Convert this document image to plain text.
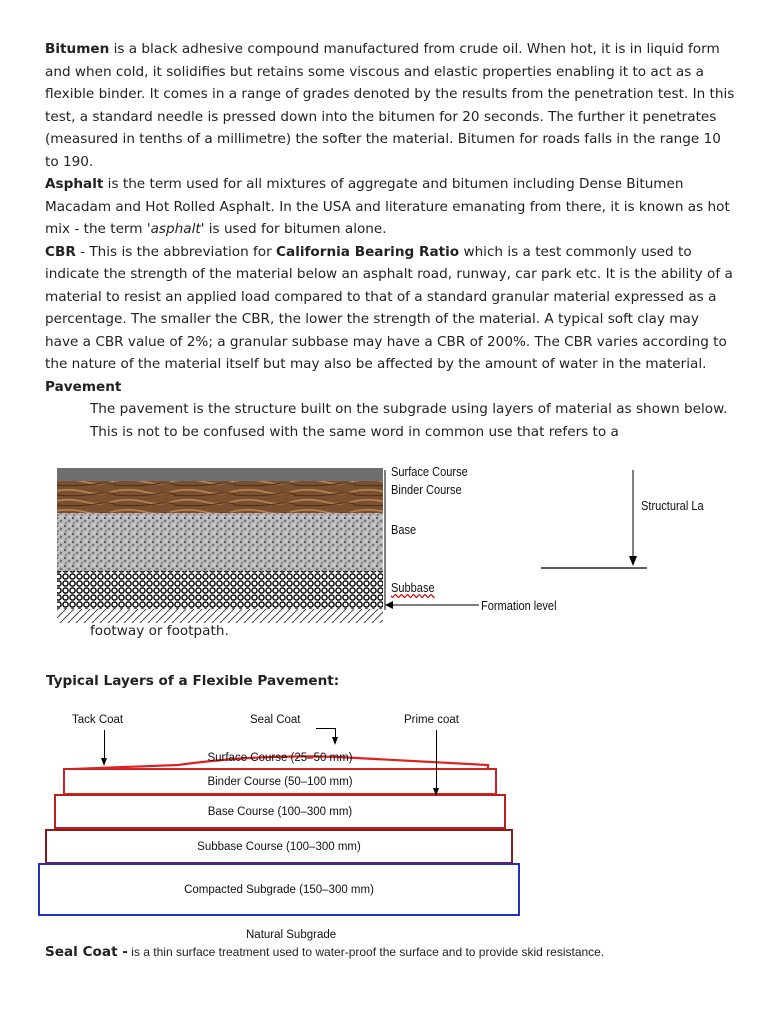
Bitumen is a black adhesive compound manufactured from crude oil. When hot, it is in liquid form and when cold, it solidifies but retains some viscous and elastic properties enabling it to act as a flexible binder. It comes in a range of grades denoted by the results from the penetration test. In this test, a standard needle is pressed down into the bitumen for 20 seconds. The further it penetrates (measured in tenths of a millimetre) the softer the material. Bitumen for roads falls in the range 10 to 190.

Asphalt is the term used for all mixtures of aggregate and bitumen including Dense Bitumen Macadam and Hot Rolled Asphalt. In the USA and literature emanating from there, it is known as hot mix - the term 'asphalt' is used for bitumen alone.

CBR - This is the abbreviation for California Bearing Ratio which is a test commonly used to indicate the strength of the material below an asphalt road, runway, car park etc. It is the ability of a material to resist an applied load compared to that of a standard granular material expressed as a percentage. The smaller the CBR, the lower the strength of the material. A typical soft clay may have a CBR value of 2%; a granular subbase may have a CBR of 200%. The CBR varies according to the nature of the material itself but may also be affected by the amount of water in the material.

Pavement

The pavement is the structure built on the subgrade using layers of material as shown below. This is not to be confused with the same word in common use that refers to a

Surface Course
Binder Course
Base
Subbase
Formation level
Structural La
footway or footpath.
Typical Layers of a Flexible Pavement:
Tack Coat	Seal Coat	Prime coat
Surface Course (25–50 mm)
Binder Course (50–100 mm)
Base Course (100–300 mm)
Subbase Course (100–300 mm)
Compacted Subgrade (150–300 mm)
Natural Subgrade
Seal Coat - is a thin surface treatment used to water-proof the surface and to provide skid resistance.
